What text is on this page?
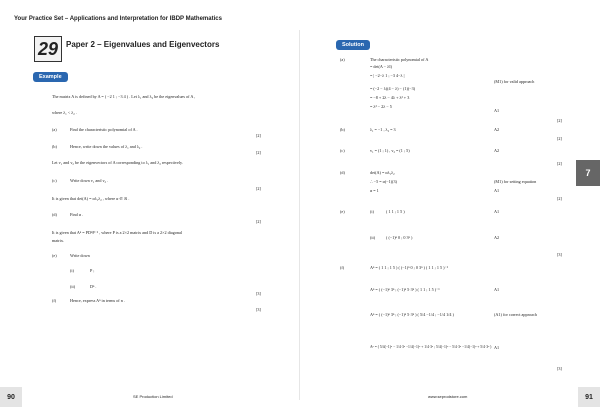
Your Practice Set – Applications and Interpretation for IBDP Mathematics
29 Paper 2 – Eigenvalues and Eigenvectors
Example
Solution
The matrix A is defined by A = ( −2 1 ; −3 4 ) . Let λ₁ and λ₂ be the eigenvalues of A ,
where λ₁ < λ₂ .
(a)	Find the characteristic polynomial of A .
[2]
(b)	Hence, write down the values of λ₁ and λ₂ .
[2]
Let v₁ and v₂ be the eigenvectors of A corresponding to λ₁ and λ₂ respectively.
(c)	Write down v₁ and v₂ .
[2]
It is given that det(A) = αλ₁λ₂ , where α ∈ ℝ .
(d)	Find α .
[2]
It is given that Aⁿ = PDⁿP⁻¹ , where P is a 2×2 matrix and D is a 2×2 diagonal
matrix.
(e)	Write down
(i)	P ;
(ii)	Dⁿ .
[3]
(f)	Hence, express Aⁿ in terms of n .
[3]
(a)	The characteristic polynomial of A
= det(A − λI)
= | −2−λ 1 ; −3 4−λ |
= (−2 − λ)(4 − λ) − (1)(−3)
= −8 + 2λ − 4λ + λ² + 3
= λ² − 2λ − 5
(M1) for valid approach
A1
[2]
(b)	λ₁ = −1 , λ₂ = 3	A2
[2]
(c)	v₁ = (1 ; 1) , v₂ = (1 ; 5)	A2
[2]
(d)	det(A) = αλ₁λ₂
∴ −5 = α(−1)(3)
α = 1
(M1) for setting equation
A1
[2]
(e)	(i)	( 1 1 ; 1 5 )	A1
(ii)	( (−1)ⁿ 0 ; 0 3ⁿ )	A2
[3]
(f)	Aⁿ = ( 1 1 ; 1 5 ) ( (−1)ⁿ 0 ; 0 3ⁿ ) ( 1 1 ; 1 5 )⁻¹
Aⁿ = ( (−1)ⁿ 3ⁿ ; (−1)ⁿ 5·3ⁿ ) ( 1 1 ; 1 5 )⁻¹
Aⁿ = ( (−1)ⁿ 3ⁿ ; (−1)ⁿ 5·3ⁿ ) ( 5/4 −1/4 ; −1/4 1/4 )
Aⁿ = ( 5/4(−1)ⁿ − 1/4·3ⁿ −1/4(−1)ⁿ + 1/4·3ⁿ ; 5/4(−1)ⁿ − 5/4·3ⁿ −1/4(−1)ⁿ + 5/4·3ⁿ )
A1
(A1) for correct approach
A1
[3]
7
90	SE Production Limited	www.seprodstore.com	91
